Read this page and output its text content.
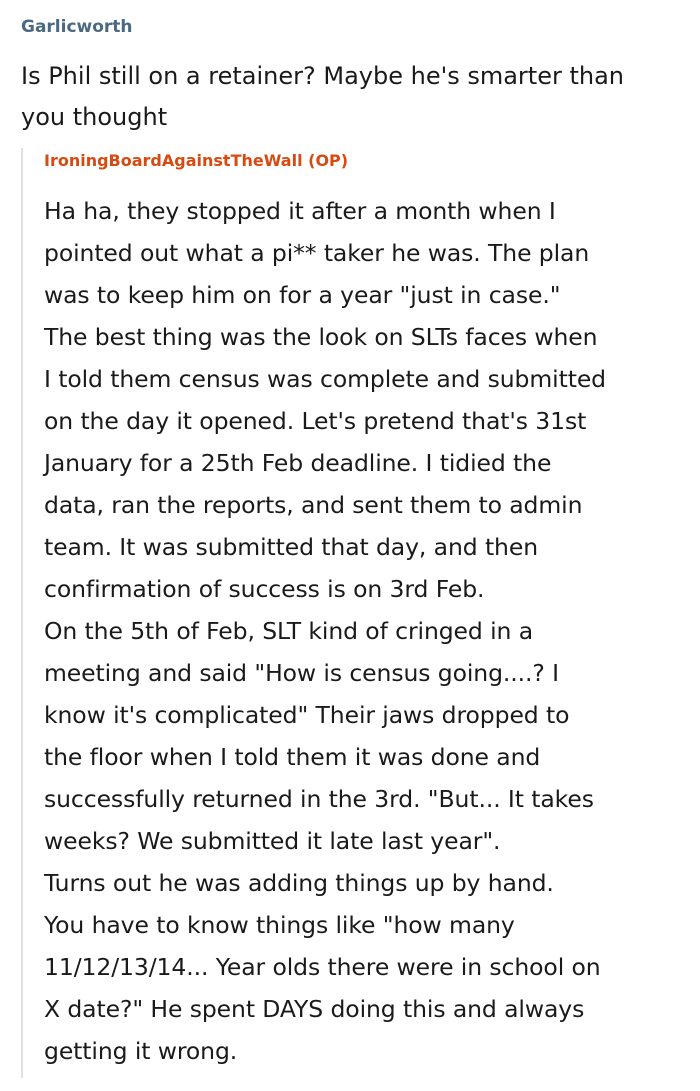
Garlicworth
Is Phil still on a retainer? Maybe he's smarter than
you thought
IroningBoardAgainstTheWall (OP)
Ha ha, they stopped it after a month when I
pointed out what a pi** taker he was. The plan
was to keep him on for a year "just in case."
The best thing was the look on SLTs faces when
I told them census was complete and submitted
on the day it opened. Let's pretend that's 31st
January for a 25th Feb deadline. I tidied the
data, ran the reports, and sent them to admin
team. It was submitted that day, and then
confirmation of success is on 3rd Feb.
On the 5th of Feb, SLT kind of cringed in a
meeting and said "How is census going....? I
know it's complicated" Their jaws dropped to
the floor when I told them it was done and
successfully returned in the 3rd. "But... It takes
weeks? We submitted it late last year".
Turns out he was adding things up by hand.
You have to know things like "how many
11/12/13/14... Year olds there were in school on
X date?" He spent DAYS doing this and always
getting it wrong.
